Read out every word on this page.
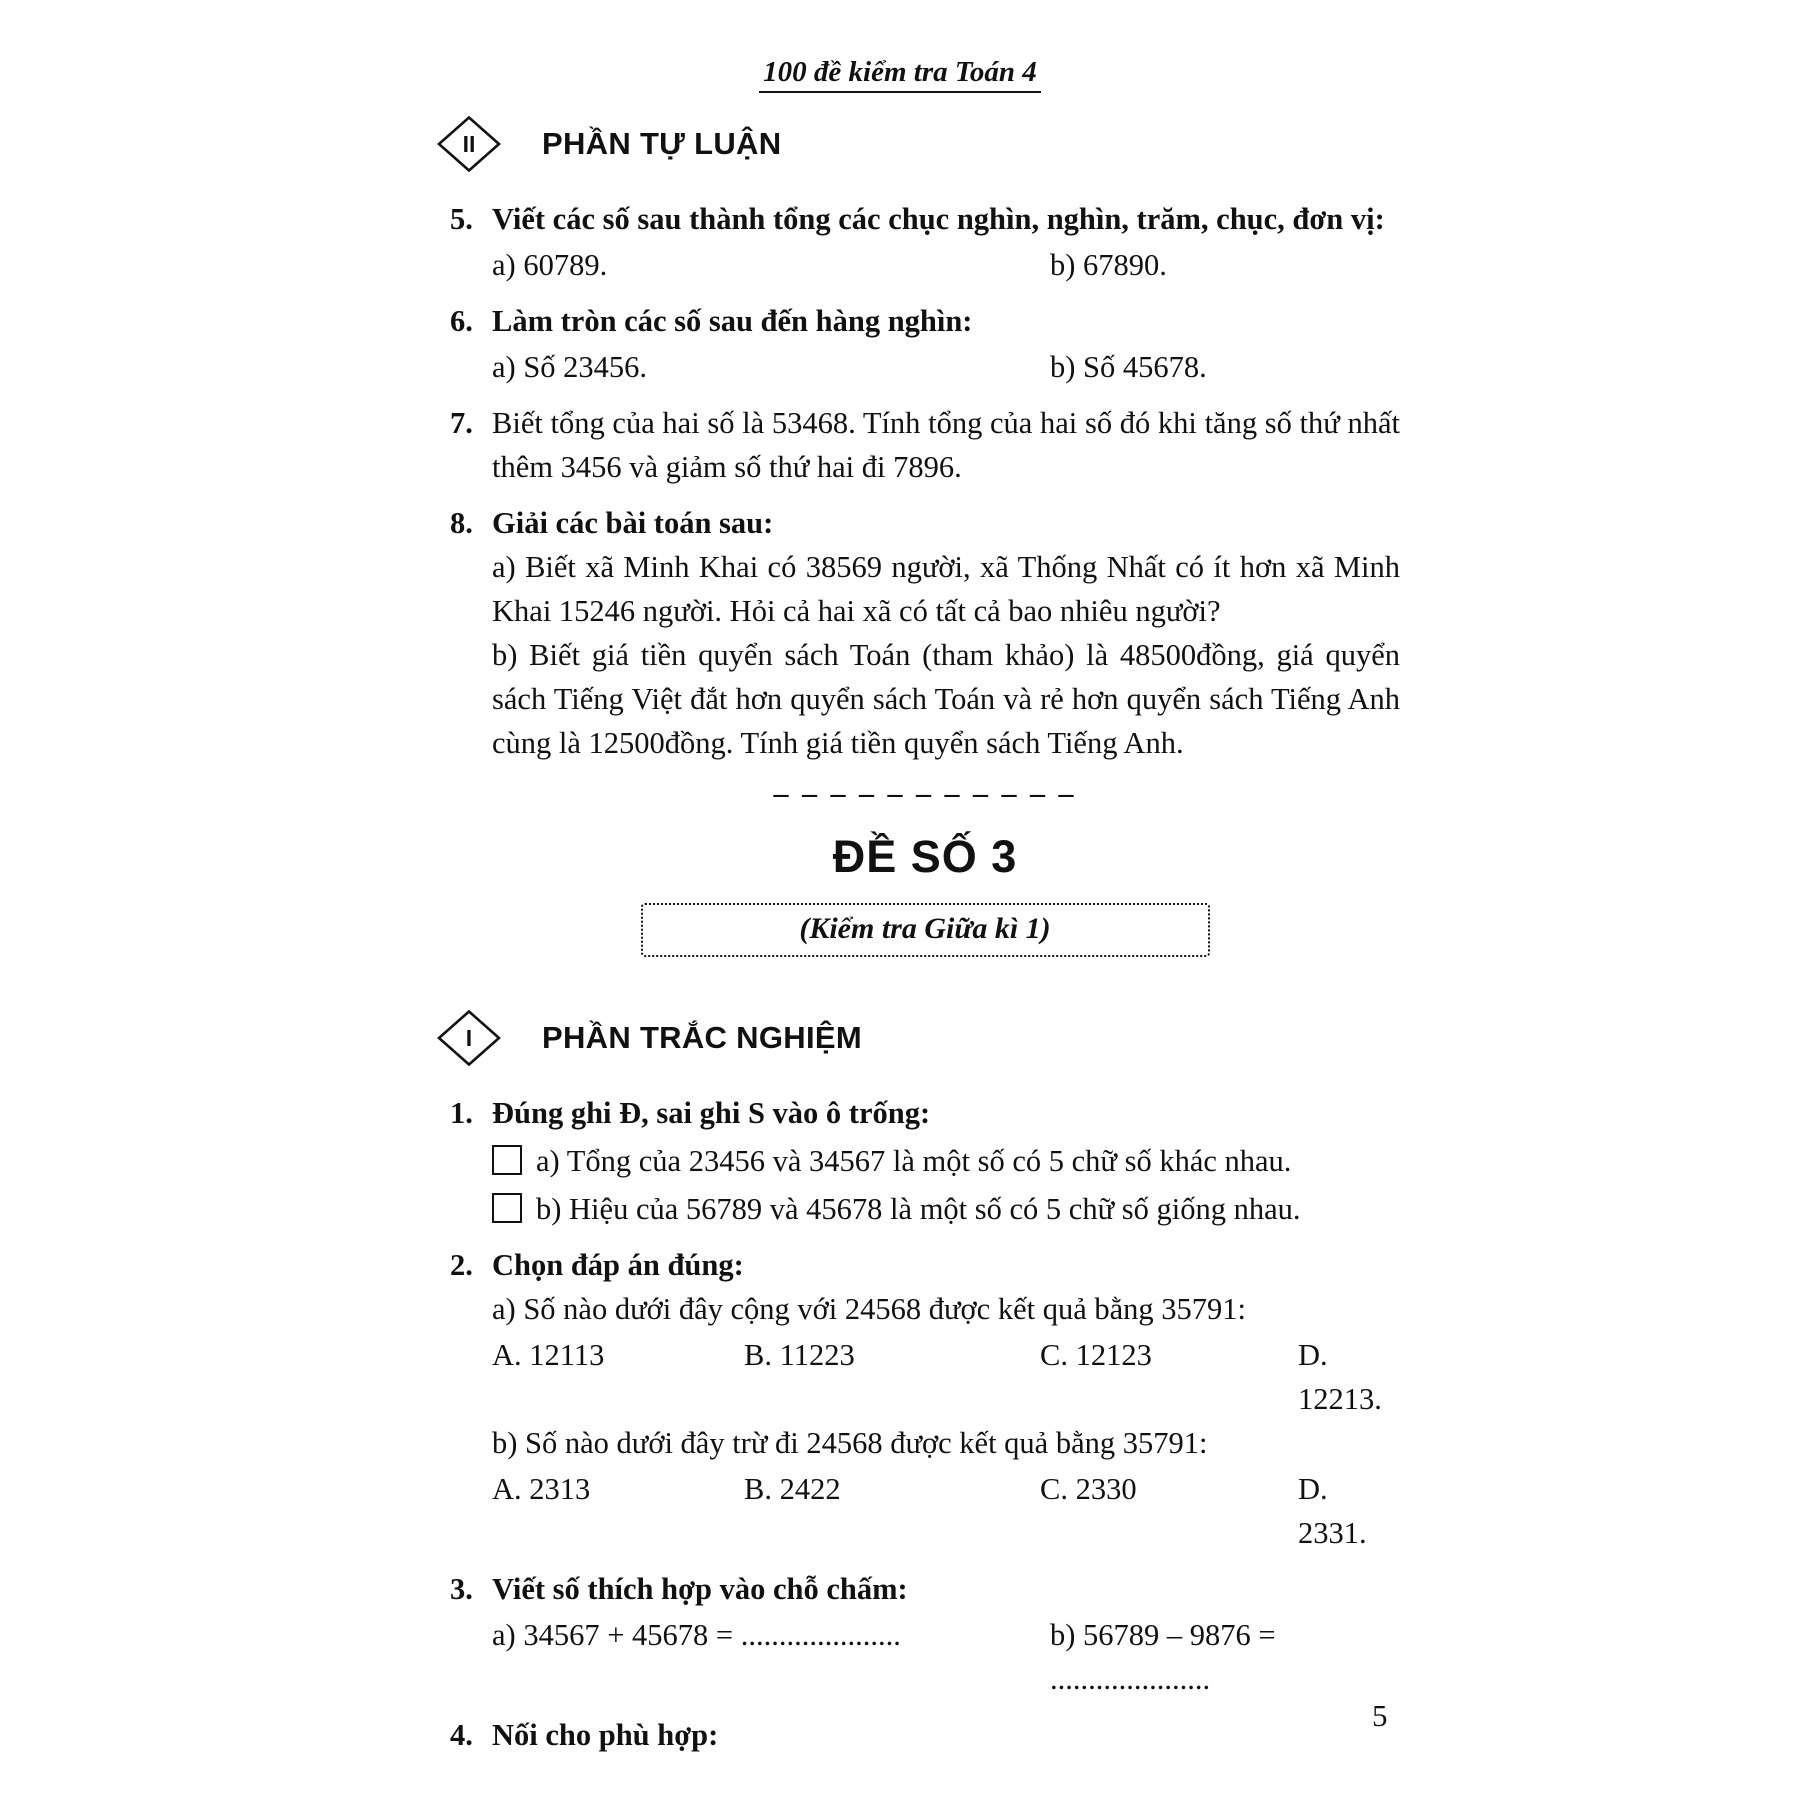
100 đề kiểm tra Toán 4
II	PHẦN TỰ LUẬN
5. Viết các số sau thành tổng các chục nghìn, nghìn, trăm, chục, đơn vị:
a) 60789.	b) 67890.
6. Làm tròn các số sau đến hàng nghìn:
a) Số 23456.	b) Số 45678.
7. Biết tổng của hai số là 53468. Tính tổng của hai số đó khi tăng số thứ nhất thêm 3456 và giảm số thứ hai đi 7896.
8. Giải các bài toán sau:
a) Biết xã Minh Khai có 38569 người, xã Thống Nhất có ít hơn xã Minh Khai 15246 người. Hỏi cả hai xã có tất cả bao nhiêu người?
b) Biết giá tiền quyển sách Toán (tham khảo) là 48500đồng, giá quyển sách Tiếng Việt đắt hơn quyển sách Toán và rẻ hơn quyển sách Tiếng Anh cùng là 12500đồng. Tính giá tiền quyển sách Tiếng Anh.
– – – – – – – – – – –
ĐỀ SỐ 3
(Kiểm tra Giữa kì 1)
I	PHẦN TRẮC NGHIỆM
1. Đúng ghi Đ, sai ghi S vào ô trống:
a) Tổng của 23456 và 34567 là một số có 5 chữ số khác nhau.
b) Hiệu của 56789 và 45678 là một số có 5 chữ số giống nhau.
2. Chọn đáp án đúng:
a) Số nào dưới đây cộng với 24568 được kết quả bằng 35791:
A. 12113	B. 11223	C. 12123	D. 12213.
b) Số nào dưới đây trừ đi 24568 được kết quả bằng 35791:
A. 2313	B. 2422	C. 2330	D. 2331.
3. Viết số thích hợp vào chỗ chấm:
a) 34567 + 45678 = .....................	b) 56789 – 9876 = .....................
4. Nối cho phù hợp:
5
